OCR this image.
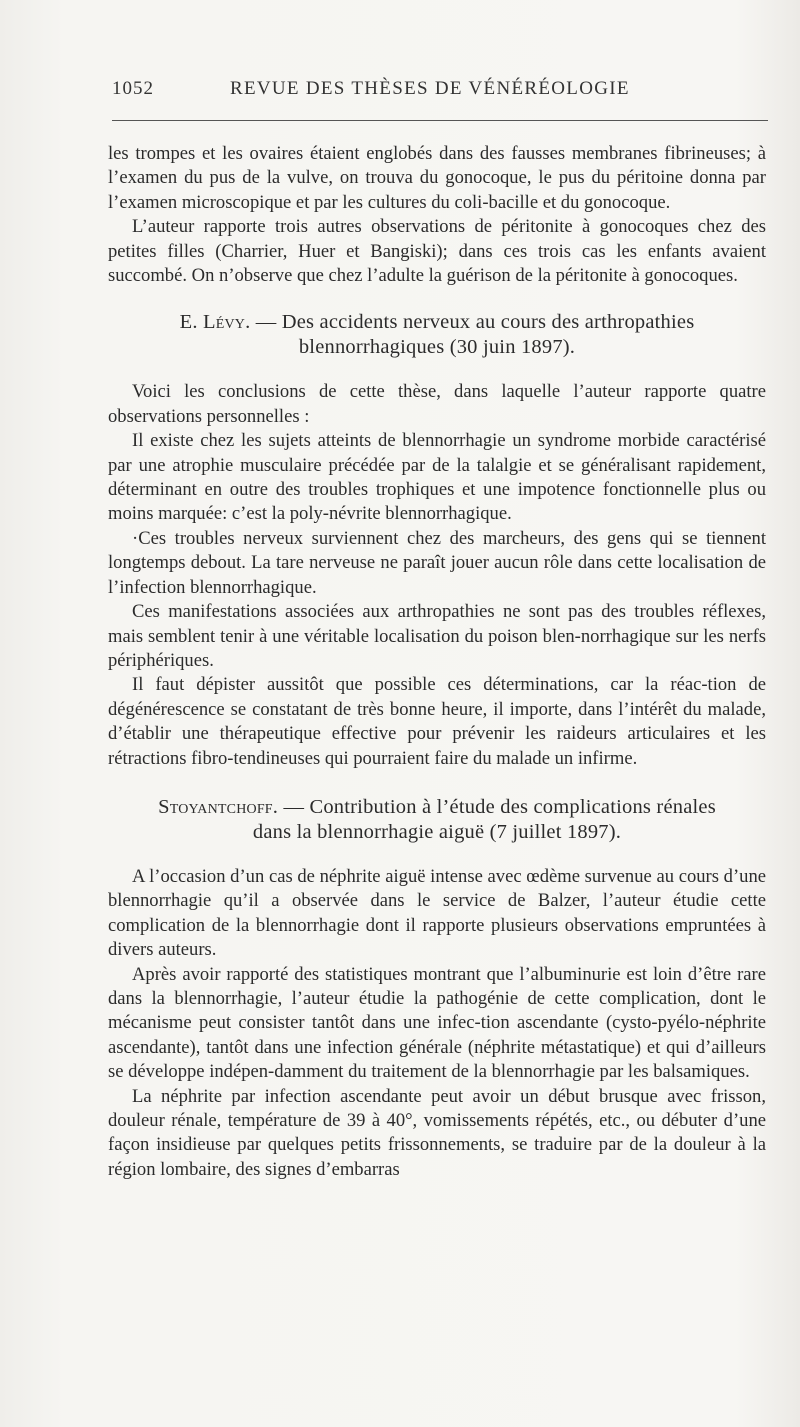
1052	REVUE DES THÈSES DE VÉNÉRÉOLOGIE

les trompes et les ovaires étaient englobés dans des fausses membranes fibrineuses; à l’examen du pus de la vulve, on trouva du gonocoque, le pus du péritoine donna par l’examen microscopique et par les cultures du coli-bacille et du gonocoque.

L’auteur rapporte trois autres observations de péritonite à gonocoques chez des petites filles (Charrier, Huer et Bangiski); dans ces trois cas les enfants avaient succombé. On n’observe que chez l’adulte la guérison de la péritonite à gonocoques.

E. Lévy. — Des accidents nerveux au cours des arthropathies
blennorrhagiques (30 juin 1897).

Voici les conclusions de cette thèse, dans laquelle l’auteur rapporte quatre observations personnelles :

Il existe chez les sujets atteints de blennorrhagie un syndrome morbide caractérisé par une atrophie musculaire précédée par de la talalgie et se généralisant rapidement, déterminant en outre des troubles trophiques et une impotence fonctionnelle plus ou moins marquée: c’est la poly-névrite blennorrhagique.

·Ces troubles nerveux surviennent chez des marcheurs, des gens qui se tiennent longtemps debout. La tare nerveuse ne paraît jouer aucun rôle dans cette localisation de l’infection blennorrhagique.

Ces manifestations associées aux arthropathies ne sont pas des troubles réflexes, mais semblent tenir à une véritable localisation du poison blen-norrhagique sur les nerfs périphériques.

Il faut dépister aussitôt que possible ces déterminations, car la réac-tion de dégénérescence se constatant de très bonne heure, il importe, dans l’intérêt du malade, d’établir une thérapeutique effective pour prévenir les raideurs articulaires et les rétractions fibro-tendineuses qui pourraient faire du malade un infirme.

Stoyantchoff. — Contribution à l’étude des complications rénales
dans la blennorrhagie aiguë (7 juillet 1897).

A l’occasion d’un cas de néphrite aiguë intense avec œdème survenue au cours d’une blennorrhagie qu’il a observée dans le service de Balzer, l’auteur étudie cette complication de la blennorrhagie dont il rapporte plusieurs observations empruntées à divers auteurs.

Après avoir rapporté des statistiques montrant que l’albuminurie est loin d’être rare dans la blennorrhagie, l’auteur étudie la pathogénie de cette complication, dont le mécanisme peut consister tantôt dans une infec-tion ascendante (cysto-pyélo-néphrite ascendante), tantôt dans une infection générale (néphrite métastatique) et qui d’ailleurs se développe indépen-damment du traitement de la blennorrhagie par les balsamiques.

La néphrite par infection ascendante peut avoir un début brusque avec frisson, douleur rénale, température de 39 à 40°, vomissements répétés, etc., ou débuter d’une façon insidieuse par quelques petits frissonnements, se traduire par de la douleur à la région lombaire, des signes d’embarras
